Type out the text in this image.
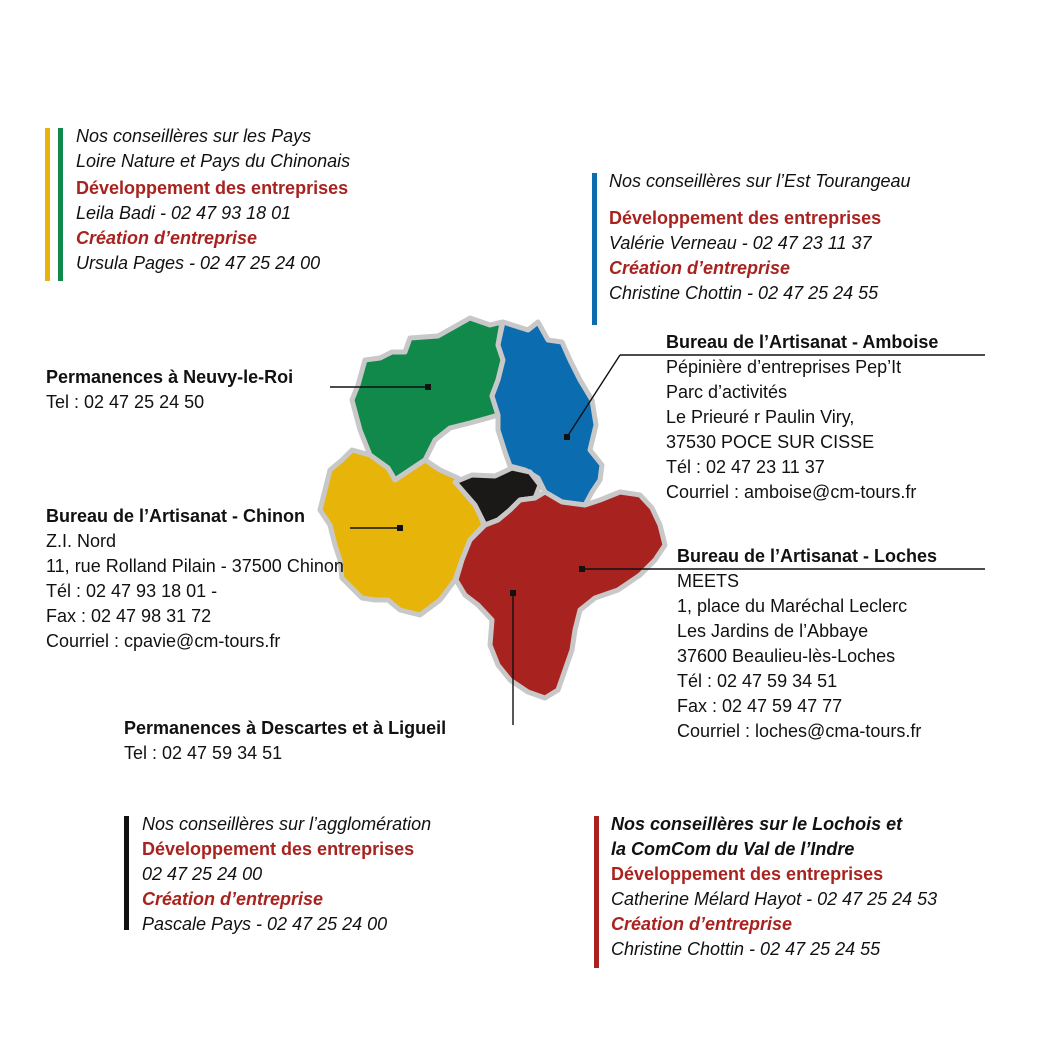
Nos conseillères sur les Pays
Loire Nature et Pays du Chinonais
Développement des entreprises
Leila Badi - 02 47 93 18 01
Création d’entreprise
Ursula Pages - 02 47 25 24 00
Nos conseillères sur l’Est Tourangeau
Développement des entreprises
Valérie Verneau - 02 47 23 11 37
Création d’entreprise
Christine Chottin - 02 47 25 24 55
Permanences à Neuvy-le-Roi
Tel : 02 47 25 24 50
Bureau de l’Artisanat - Amboise
Pépinière d’entreprises Pep’It
Parc d’activités
Le Prieuré r Paulin Viry,
37530 POCE SUR CISSE
Tél : 02 47 23 11 37
Courriel : amboise@cm-tours.fr
Bureau de l’Artisanat - Chinon
Z.I. Nord
11, rue Rolland Pilain - 37500 Chinon
Tél : 02 47 93 18 01 -
Fax : 02 47 98 31 72
Courriel : cpavie@cm-tours.fr
Bureau de l’Artisanat - Loches
MEETS
1, place du Maréchal Leclerc
Les Jardins de l’Abbaye
37600 Beaulieu-lès-Loches
Tél : 02 47 59 34 51
Fax : 02 47 59 47 77
Courriel : loches@cma-tours.fr
Permanences à Descartes et à Ligueil
Tel : 02 47 59 34 51
Nos conseillères sur l’agglomération
Développement des entreprises
02 47 25 24 00
Création d’entreprise
Pascale Pays - 02 47 25 24 00
Nos conseillères sur le Lochois et
la ComCom du Val de l’Indre
Développement des entreprises
Catherine Mélard Hayot - 02 47 25 24 53
Création d’entreprise
Christine Chottin - 02 47 25 24 55
